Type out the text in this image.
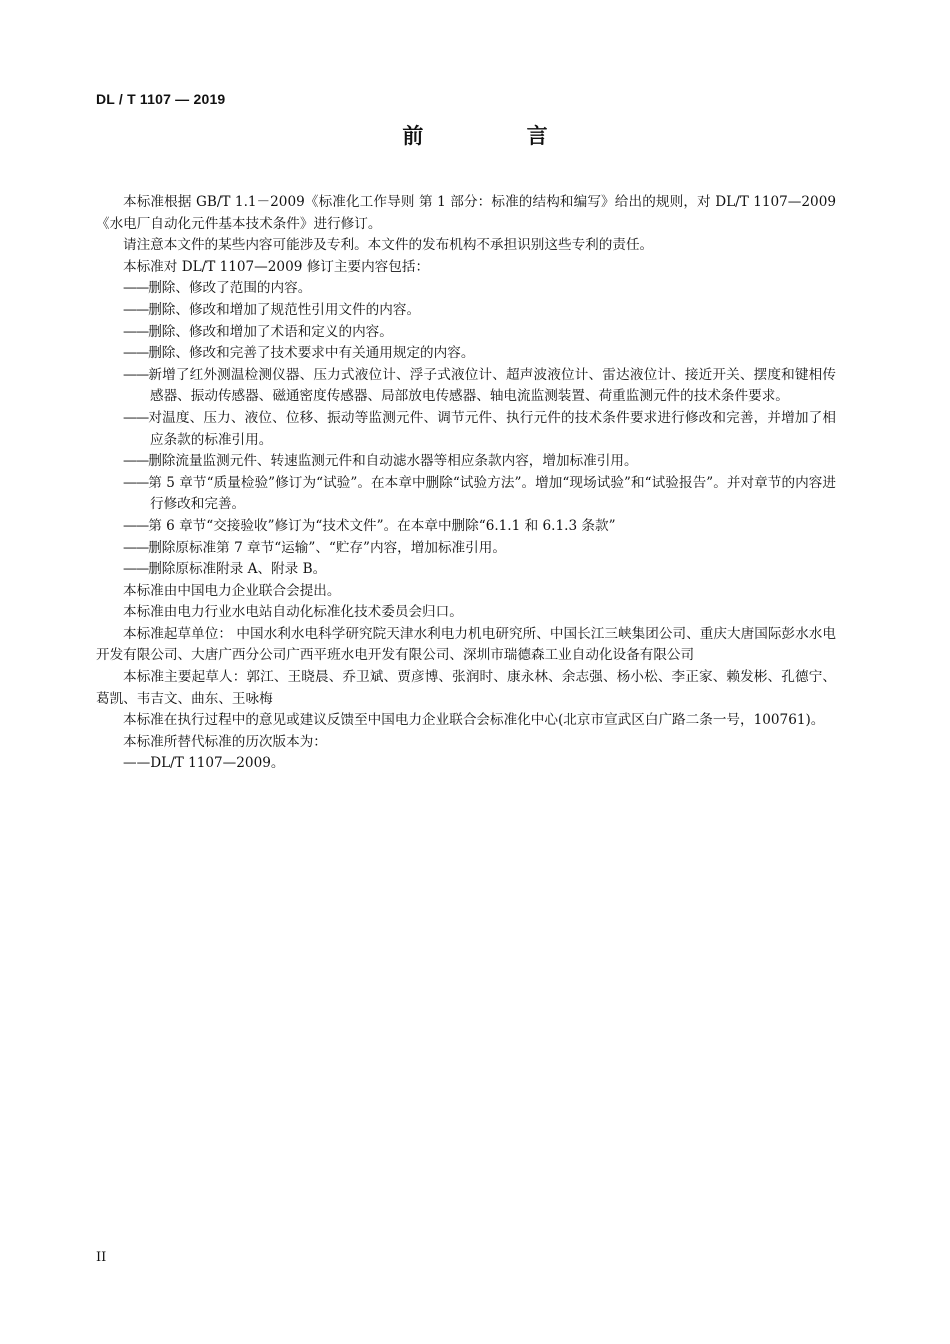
DL / T 1107 — 2019
前 言

本标准根据 GB/T 1.1－2009《标准化工作导则 第 1 部分：标准的结构和编写》给出的规则，对 DL/T 1107—2009《水电厂自动化元件基本技术条件》进行修订。

请注意本文件的某些内容可能涉及专利。本文件的发布机构不承担识别这些专利的责任。

本标准对 DL/T 1107—2009 修订主要内容包括：

——删除、修改了范围的内容。

——删除、修改和增加了规范性引用文件的内容。

——删除、修改和增加了术语和定义的内容。

——删除、修改和完善了技术要求中有关通用规定的内容。

——新增了红外测温检测仪器、压力式液位计、浮子式液位计、超声波液位计、雷达液位计、接近开关、摆度和键相传感器、振动传感器、磁通密度传感器、局部放电传感器、轴电流监测装置、荷重监测元件的技术条件要求。

——对温度、压力、液位、位移、振动等监测元件、调节元件、执行元件的技术条件要求进行修改和完善，并增加了相应条款的标准引用。

——删除流量监测元件、转速监测元件和自动滤水器等相应条款内容，增加标准引用。

——第 5 章节“质量检验”修订为“试验”。在本章中删除“试验方法”。增加“现场试验”和“试验报告”。并对章节的内容进行修改和完善。

——第 6 章节“交接验收”修订为“技术文件”。在本章中删除“6.1.1 和 6.1.3 条款”

——删除原标准第 7 章节“运输”、“贮存”内容，增加标准引用。

——删除原标准附录 A、附录 B。

本标准由中国电力企业联合会提出。

本标准由电力行业水电站自动化标准化技术委员会归口。

本标准起草单位： 中国水利水电科学研究院天津水利电力机电研究所、中国长江三峡集团公司、重庆大唐国际彭水水电开发有限公司、大唐广西分公司广西平班水电开发有限公司、深圳市瑞德森工业自动化设备有限公司

本标准主要起草人：郭江、王晓晨、乔卫斌、贾彦博、张润时、康永林、余志强、杨小松、李正家、赖发彬、孔德宁、葛凯、韦吉文、曲东、王咏梅

本标准在执行过程中的意见或建议反馈至中国电力企业联合会标准化中心(北京市宣武区白广路二条一号，100761)。

本标准所替代标准的历次版本为：

——DL/T 1107—2009。

II
